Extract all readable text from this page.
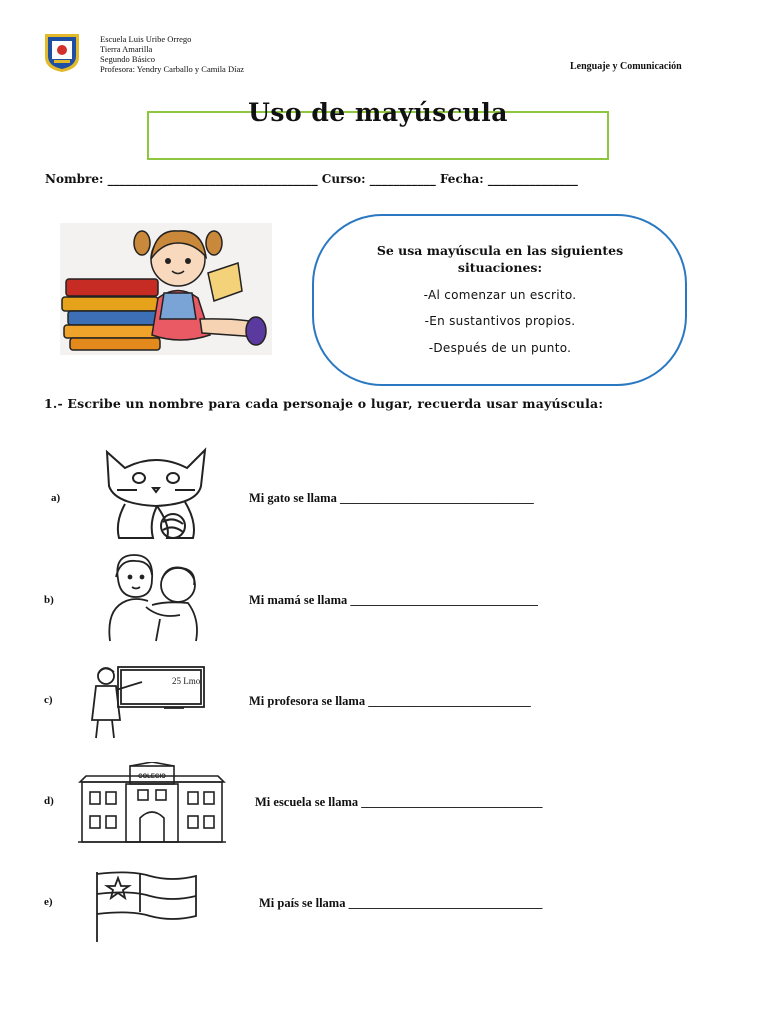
Escuela Luis Uribe Orrego
Tierra Amarilla
Segundo Básico
Profesora: Yendry Carballo y Camila Díaz	Lenguaje y Comunicación
Uso de mayúscula
Nombre: ___________________________________ Curso: ___________ Fecha: _______________
Se usa mayúscula en las siguientes situaciones:
-Al comenzar un escrito.
-En sustantivos propios.
-Después de un punto.
1.- Escribe un nombre para cada personaje o lugar, recuerda usar mayúscula:
a)	Mi gato se llama _______________________________
b)	Mi mamá se llama ______________________________
c)
25 Lmo
Mi profesora se llama __________________________
d)
COLEGIO
Mi escuela se llama _____________________________
e)	Mi país se llama _______________________________
